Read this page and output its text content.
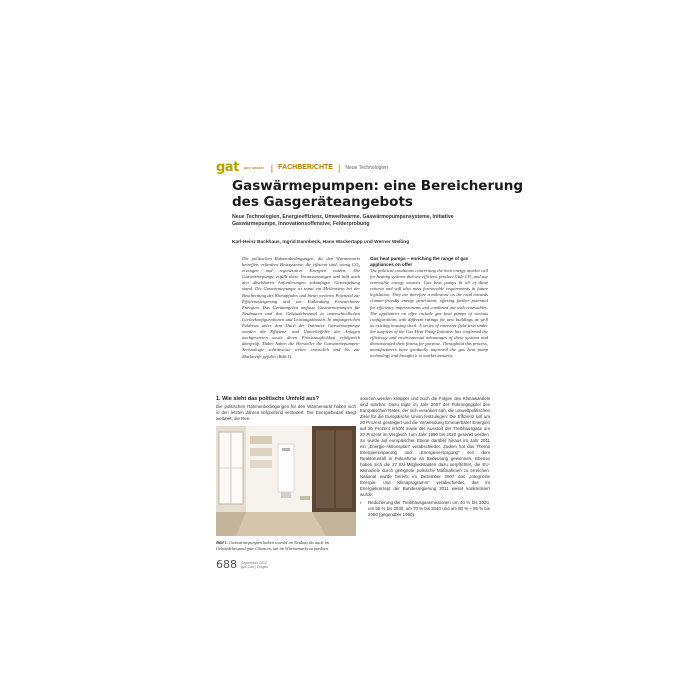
gat gas wasser | FACHBERICHTE | Neue Technologien
Gaswärmepumpen: eine Bereicherung des Gasgeräteangebots
Neue Technologien, Energieeffizienz, Umweltwärme, Gaswärmepumpensysteme, Initiative Gaswärmepumpe, Innovationsoffensive, Felderprobung
Karl-Heinz Backhaus, Ingrid Dannbeck, Hans Wackertapp und Werner Weßing
Die politischen Rahmenbedingungen, die den Wärmemarkt betreffen, erfordern Heizsysteme, die effizient sind, wenig CO₂ erzeugen und regenerative Energien nutzen. Die Gaswärmepumpe erfüllt diese Voraussetzungen und hilft auch den absehbaren Anforderungen zukünftiger Gesetzgebung stand. Die Gaswärmepumpe ist somit ein Meilenstein bei der Beschreitung des Klimapfades und bietet weiteres Potenzial zur Effizienzsteigerung und zur Einbindung Erneuerbarer Energien. Das Gerätangebot umfasst Gaswärmepumpen für Neubauten und den Gebäudebestand in unterschiedlichen Gerätekonfigurationen und Leistungsklassen. In umfangreichen Feldtests unter dem Dach der Initiative Gaswärmepumpe wurden die Effizienz- und Umwelteffekte der Anlagen nachgewiesen sowie deren Praxistauglichkeit erfolgreich überprüft. Dabei haben die Hersteller die Gaswärmepumpen-Technologie schrittweise weiter entwickelt und bis zur Marktreife geführt (Bild 1).
Gas heat pumps – enriching the range of gas appliances on offer
The political conditions concerning the heat energy market call for heating systems that are efficient, produce little CO₂ and use renewable energy sources. Gas heat pumps fit all of these criteria and will also meet foreseeable requirements in future legislation. They are therefore a milestone on the road towards climate-friendly energy generation, offering further potential for efficiency improvements and combined use with renewables. The appliances on offer include gas heat pumps of various configurations with different ratings for new buildings as well as existing housing stock. A series of extensive field tests under the auspices of the Gas Heat Pump Initiative has confirmed the efficiency and environmental advantages of these systems and demonstrated their fitness for purpose. Throughout this process, manufacturers have gradually improved the gas heat pump technology and brought it to market maturity.
1. Wie sieht das politische Umfeld aus?
Die politischen Rahmenbedingungen für den Wärmemarkt haben sich in den letzten Jahren tiefgreifend verändert. Der Energiebedarf steigt weltweit, die Res-
Bild 1. Gaswärmepumpen haben sowohl im Neubau als auch im Gebäudebestand gute Chancen, um im Wärmemarkt zu punkten.
sourcen werden knapper und auch die Folgen des Klimawandels sind spürbar. Dazu tagte im Jahr 2007 der Führungsgipfel des Europäischen Rates, der sich verankert sah, die umweltpolitischen Ziele für die Europäische Union festzulegen: Die Effizienz soll um 20 Prozent gesteigert und die Verwendung Erneuerbarer Energien auf 20 Prozent erhöht sowie der Ausstoß der Treibhausgase um 20 Prozent im Vergleich zum Jahr 1990 bis 2020 gesenkt werden. So wurde auf europäischer Ebene darüber hinaus im Jahr 2011 ein „Energie-Aktionsplan“ verabschiedet. Zudem hat das Thema Energieeinsparung und „Energieversorgung“ seit dem Reaktorunfall in Fukushima an Bedeutung gewonnen. Ebenso haben sich die 27 EU-Mitgliedstaaten dazu verpflichtet, die EU-Klimaziele durch geeignete politische Maßnahmen zu erreichen. National wurde bereits im Dezember 2007 das „Integrierte Energie- und Klimaprogramm“ verabschiedet, das im Energiekonzept der Bundesregierung 2011 weiter konkretisiert wurde:
▪ Reduzierung der Treibhausgasemissionen um 40 % bis 2020, um 55 % bis 2030, um 70 % bis 2040 und um 80 % – 95 % bis 2050 (gegenüber 1990).
688 September 2012
gwf-Gas | Erdgas
